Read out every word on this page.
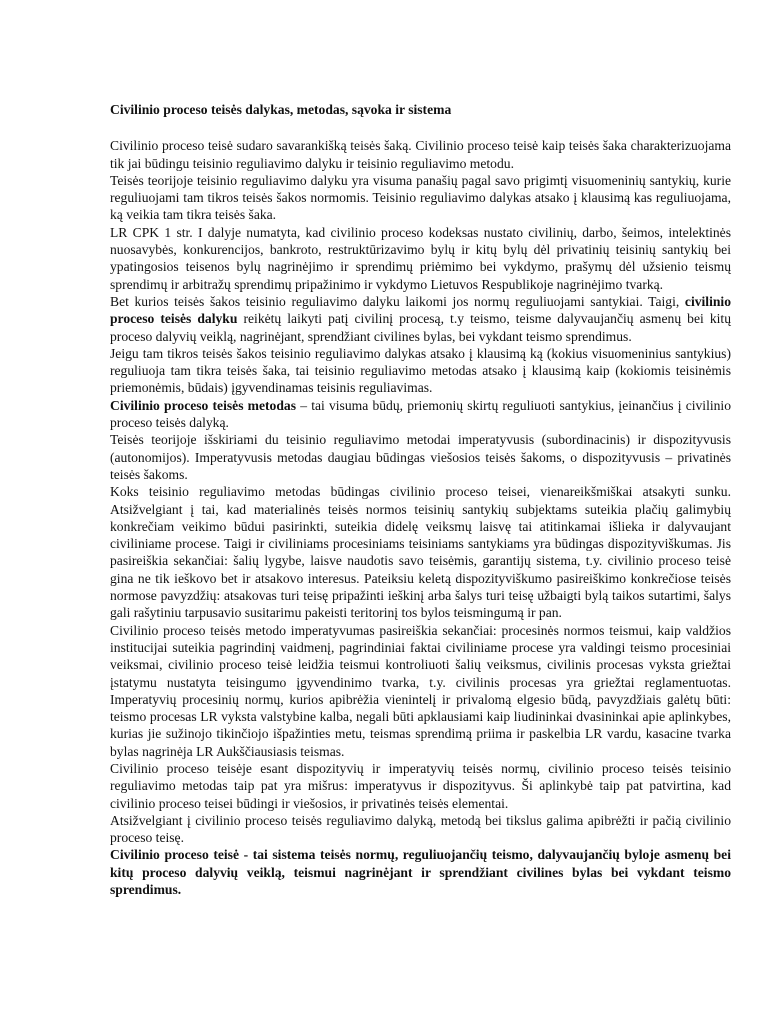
Civilinio proceso teisės dalykas, metodas, sąvoka ir sistema

Civilinio proceso teisė sudaro savarankišką teisės šaką. Civilinio proceso teisė kaip teisės šaka charakterizuojama tik jai būdingu teisinio reguliavimo dalyku ir teisinio reguliavimo metodu.

Teisės teorijoje teisinio reguliavimo dalyku yra visuma panašių pagal savo prigimtį visuomeninių santykių, kurie reguliuojami tam tikros teisės šakos normomis. Teisinio reguliavimo dalykas atsako į klausimą kas reguliuojama, ką veikia tam tikra teisės šaka.

LR CPK 1 str. I dalyje numatyta, kad civilinio proceso kodeksas nustato civilinių, darbo, šeimos, intelektinės nuosavybės, konkurencijos, bankroto, restruktūrizavimo bylų ir kitų bylų dėl privatinių teisinių santykių bei ypatingosios teisenos bylų nagrinėjimo ir sprendimų priėmimo bei vykdymo, prašymų dėl užsienio teismų sprendimų ir arbitražų sprendimų pripažinimo ir vykdymo Lietuvos Respublikoje nagrinėjimo tvarką.

Bet kurios teisės šakos teisinio reguliavimo dalyku laikomi jos normų reguliuojami santykiai. Taigi, civilinio proceso teisės dalyku reikėtų laikyti patį civilinį procesą, t.y teismo, teisme dalyvaujančių asmenų bei kitų proceso dalyvių veiklą, nagrinėjant, sprendžiant civilines bylas, bei vykdant teismo sprendimus.

Jeigu tam tikros teisės šakos teisinio reguliavimo dalykas atsako į klausimą ką (kokius visuomeninius santykius) reguliuoja tam tikra teisės šaka, tai teisinio reguliavimo metodas atsako į klausimą kaip (kokiomis teisinėmis priemonėmis, būdais) įgyvendinamas teisinis reguliavimas.

Civilinio proceso teisės metodas – tai visuma būdų, priemonių skirtų reguliuoti santykius, įeinančius į civilinio proceso teisės dalyką.

Teisės teorijoje išskiriami du teisinio reguliavimo metodai imperatyvusis (subordinacinis) ir dispozityvusis (autonomijos). Imperatyvusis metodas daugiau būdingas viešosios teisės šakoms, o dispozityvusis – privatinės teisės šakoms.

Koks teisinio reguliavimo metodas būdingas civilinio proceso teisei, vienareikšmiškai atsakyti sunku. Atsižvelgiant į tai, kad materialinės teisės normos teisinių santykių subjektams suteikia plačių galimybių konkrečiam veikimo būdui pasirinkti, suteikia didelę veiksmų laisvę tai atitinkamai išlieka ir dalyvaujant civiliniame procese. Taigi ir civiliniams procesiniams teisiniams santykiams yra būdingas dispozityviškumas. Jis pasireiškia sekančiai: šalių lygybe, laisve naudotis savo teisėmis, garantijų sistema, t.y. civilinio proceso teisė gina ne tik ieškovo bet ir atsakovo interesus. Pateiksiu keletą dispozityviškumo pasireiškimo konkrečiose teisės normose pavyzdžių: atsakovas turi teisę pripažinti ieškinį arba šalys turi teisę užbaigti bylą taikos sutartimi, šalys gali rašytiniu tarpusavio susitarimu pakeisti teritorinį tos bylos teismingumą ir pan.

Civilinio proceso teisės metodo imperatyvumas pasireiškia sekančiai: procesinės normos teismui, kaip valdžios institucijai suteikia pagrindinį vaidmenį, pagrindiniai faktai civiliniame procese yra valdingi teismo procesiniai veiksmai, civilinio proceso teisė leidžia teismui kontroliuoti šalių veiksmus, civilinis procesas vyksta griežtai įstatymu nustatyta teisingumo įgyvendinimo tvarka, t.y. civilinis procesas yra griežtai reglamentuotas. Imperatyvių procesinių normų, kurios apibrėžia vienintelį ir privalomą elgesio būdą, pavyzdžiais galėtų būti: teismo procesas LR vyksta valstybine kalba, negali būti apklausiami kaip liudininkai dvasininkai apie aplinkybes, kurias jie sužinojo tikinčiojo išpažinties metu, teismas sprendimą priima ir paskelbia LR vardu, kasacine tvarka bylas nagrinėja LR Aukščiausiasis teismas.

Civilinio proceso teisėje esant dispozityvių ir imperatyvių teisės normų, civilinio proceso teisės teisinio reguliavimo metodas taip pat yra mišrus: imperatyvus ir dispozityvus. Ši aplinkybė taip pat patvirtina, kad civilinio proceso teisei būdingi ir viešosios, ir privatinės teisės elementai.

Atsižvelgiant į civilinio proceso teisės reguliavimo dalyką, metodą bei tikslus galima apibrėžti ir pačią civilinio proceso teisę.

Civilinio proceso teisė - tai sistema teisės normų, reguliuojančių teismo, dalyvaujančių byloje asmenų bei kitų proceso dalyvių veiklą, teismui nagrinėjant ir sprendžiant civilines bylas bei vykdant teismo sprendimus.
